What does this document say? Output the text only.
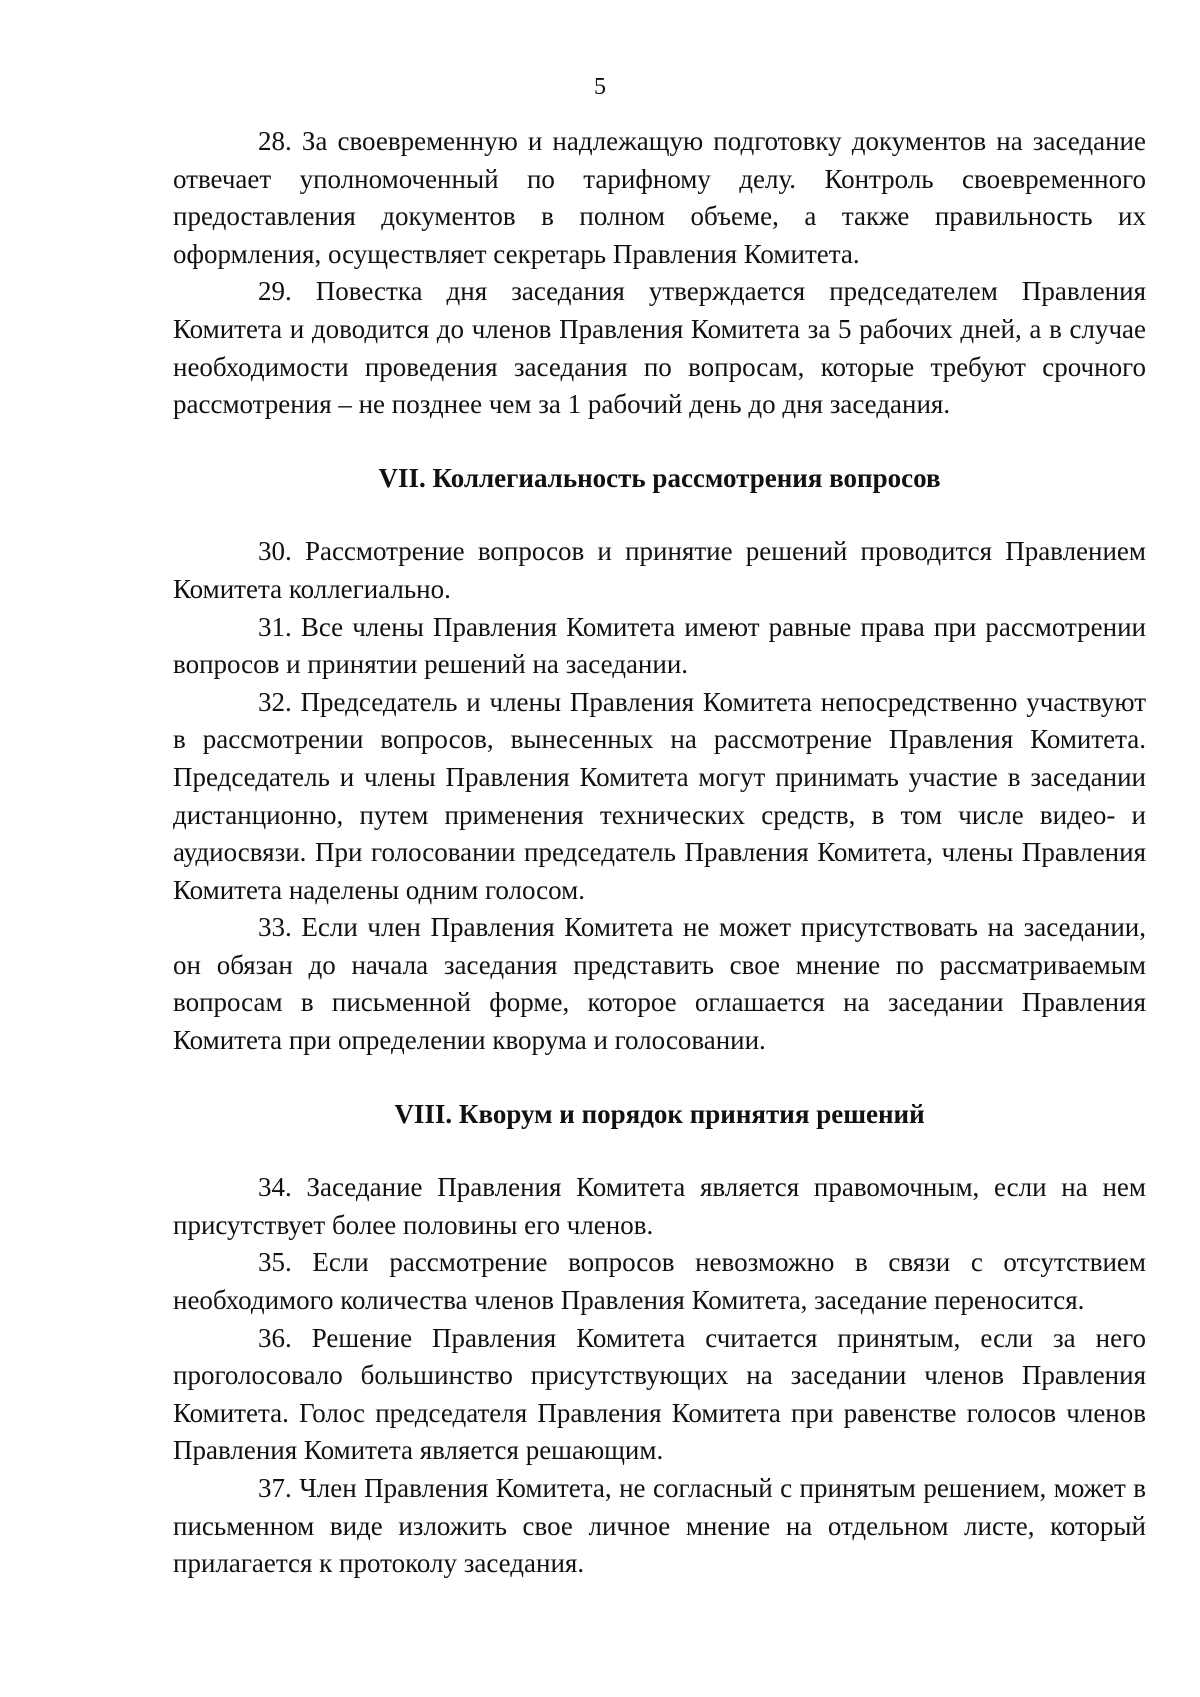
5

28. За своевременную и надлежащую подготовку документов на заседание отвечает уполномоченный по тарифному делу. Контроль своевременного предоставления документов в полном объеме, а также правильность их оформления, осуществляет секретарь Правления Комитета.

29. Повестка дня заседания утверждается председателем Правления Комитета и доводится до членов Правления Комитета за 5 рабочих дней, а в случае необходимости проведения заседания по вопросам, которые требуют срочного рассмотрения – не позднее чем за 1 рабочий день до дня заседания.

VII. Коллегиальность рассмотрения вопросов

30. Рассмотрение вопросов и принятие решений проводится Правлением Комитета коллегиально.

31. Все члены Правления Комитета имеют равные права при рассмотрении вопросов и принятии решений на заседании.

32. Председатель и члены Правления Комитета непосредственно участвуют в рассмотрении вопросов, вынесенных на рассмотрение Правления Комитета. Председатель и члены Правления Комитета могут принимать участие в заседании дистанционно, путем применения технических средств, в том числе видео- и аудиосвязи. При голосовании председатель Правления Комитета, члены Правления Комитета наделены одним голосом.

33. Если член Правления Комитета не может присутствовать на заседании, он обязан до начала заседания представить свое мнение по рассматриваемым вопросам в письменной форме, которое оглашается на заседании Правления Комитета при определении кворума и голосовании.

VIII. Кворум и порядок принятия решений

34. Заседание Правления Комитета является правомочным, если на нем присутствует более половины его членов.

35. Если рассмотрение вопросов невозможно в связи с отсутствием необходимого количества членов Правления Комитета, заседание переносится.

36. Решение Правления Комитета считается принятым, если за него проголосовало большинство присутствующих на заседании членов Правления Комитета. Голос председателя Правления Комитета при равенстве голосов членов Правления Комитета является решающим.

37. Член Правления Комитета, не согласный с принятым решением, может в письменном виде изложить свое личное мнение на отдельном листе, который прилагается к протоколу заседания.
